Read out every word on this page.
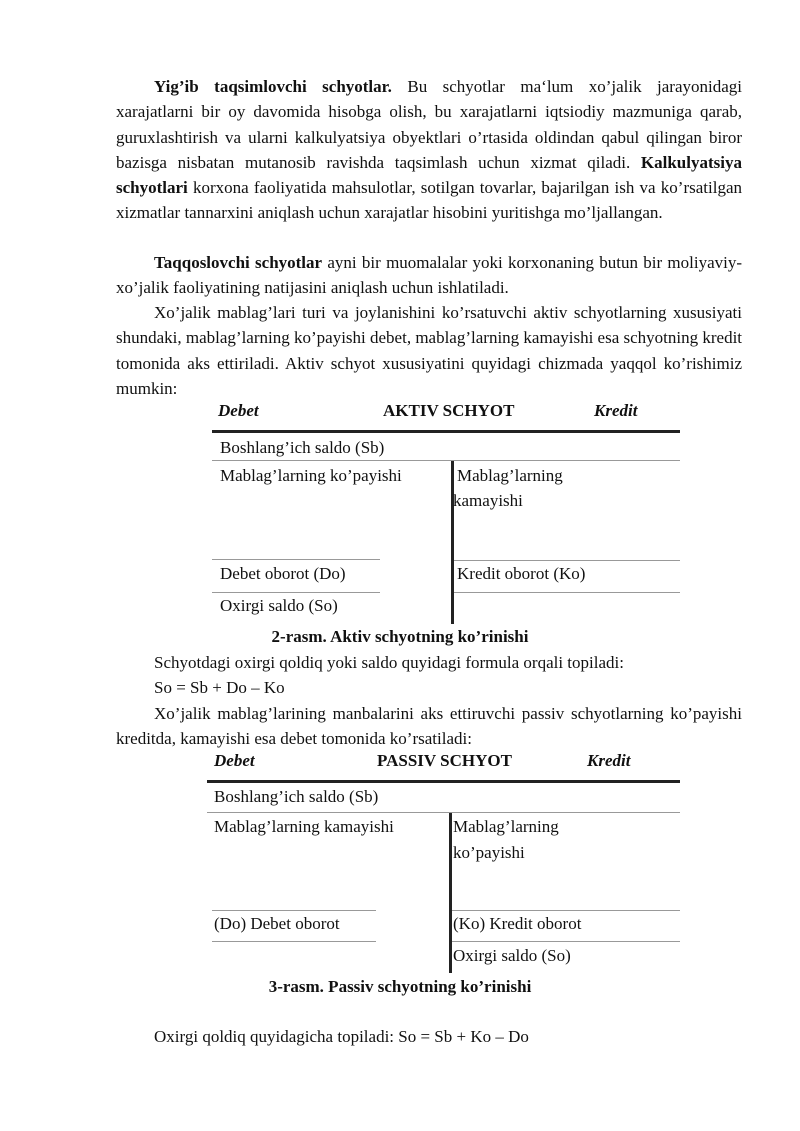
Yig’ib taqsimlovchi schyotlar. Bu schyotlar ma‘lum xo’jalik jarayonidagi xarajatlarni bir oy davomida hisobga olish, bu xarajatlarni iqtsiodiy mazmuniga qarab, guruxlashtirish va ularni kalkulyatsiya obyektlari o’rtasida oldindan qabul qilingan biror bazisga nisbatan mutanosib ravishda taqsimlash uchun xizmat qiladi. Kalkulyatsiya schyotlari korxona faoliyatida mahsulotlar, sotilgan tovarlar, bajarilgan ish va ko’rsatilgan xizmatlar tannarxini aniqlash uchun xarajatlar hisobini yuritishga mo’ljallangan.

Taqqoslovchi schyotlar ayni bir muomalalar yoki korxonaning butun bir moliyaviy-xo’jalik faoliyatining natijasini aniqlash uchun ishlatiladi.

Xo’jalik mablag’lari turi va joylanishini ko’rsatuvchi aktiv schyotlarning xususiyati shundaki, mablag’larning ko’payishi debet, mablag’larning kamayishi esa schyotning kredit tomonida aks ettiriladi. Aktiv schyot xususiyatini quyidagi chizmada yaqqol ko’rishimiz mumkin:

Debet	AKTIV SCHYOT	Kredit
Boshlang’ich saldo (Sb)
Mablag’larning ko’payishi	Mablag’larning
kamayishi
Debet oborot (Do)	Kredit oborot (Ko)
Oxirgi saldo (So)
2-rasm. Aktiv schyotning ko’rinishi
Schyotdagi oxirgi qoldiq yoki saldo quyidagi formula orqali topiladi:
So = Sb + Do – Ko

Xo’jalik mablag’larining manbalarini aks ettiruvchi passiv schyotlarning ko’payishi kreditda, kamayishi esa debet tomonida ko’rsatiladi:

Debet	PASSIV SCHYOT	Kredit
Boshlang’ich saldo (Sb)
Mablag’larning kamayishi	Mablag’larning
ko’payishi
(Do) Debet oborot	(Ko) Kredit oborot
Oxirgi saldo (So)
3-rasm. Passiv schyotning ko’rinishi
Oxirgi qoldiq quyidagicha topiladi: So = Sb + Ko – Do
